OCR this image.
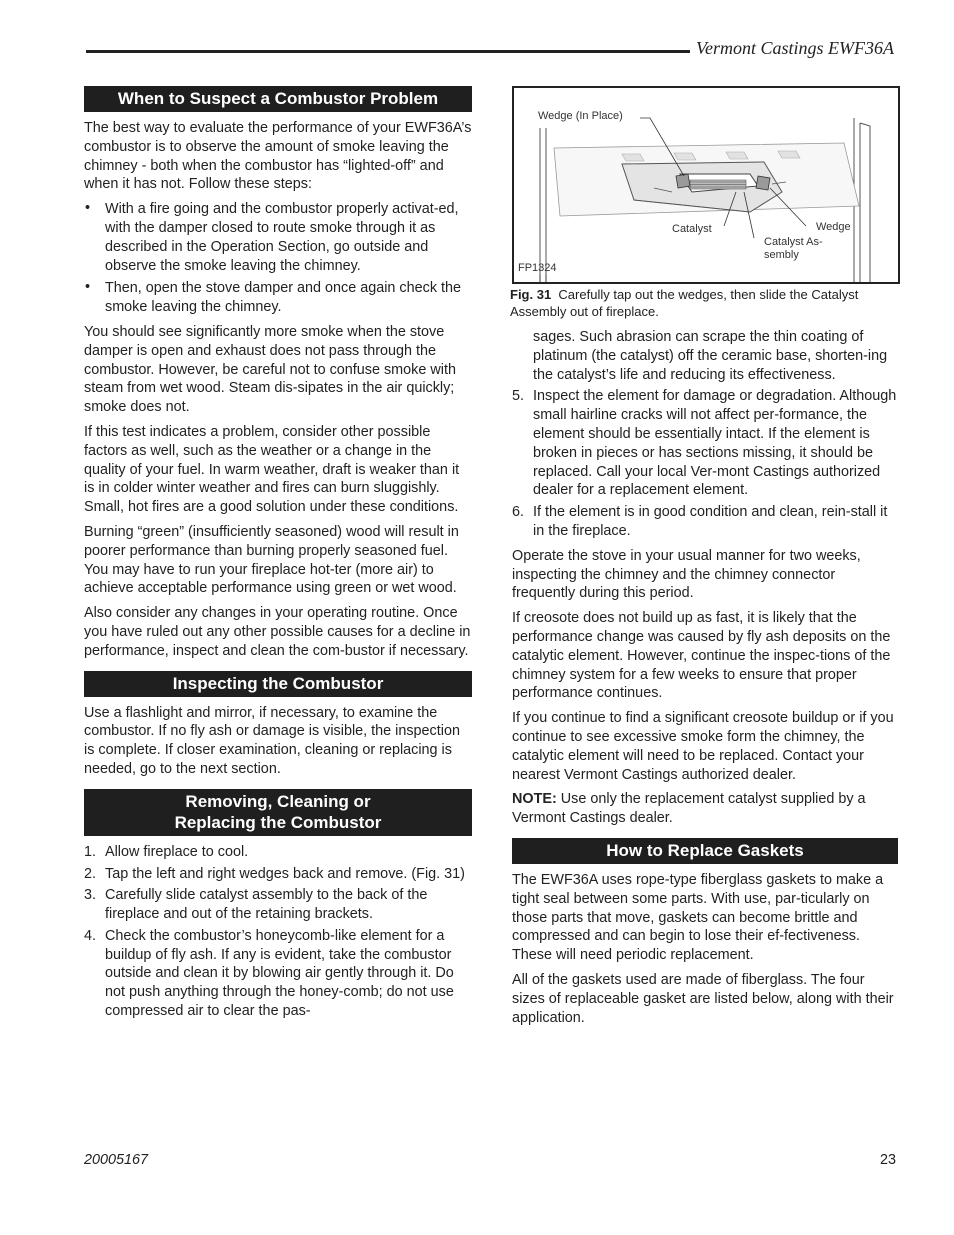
Vermont Castings EWF36A
When to Suspect a Combustor Problem

The best way to evaluate the performance of your EWF36A’s combustor is to observe the amount of smoke leaving the chimney - both when the combustor has “lighted-off” and when it has not. Follow these steps:

• With a fire going and the combustor properly activat-ed, with the damper closed to route smoke through it as described in the Operation Section, go outside and observe the smoke leaving the chimney.
• Then, open the stove damper and once again check the smoke leaving the chimney.

You should see significantly more smoke when the stove damper is open and exhaust does not pass through the combustor. However, be careful not to confuse smoke with steam from wet wood. Steam dis-sipates in the air quickly; smoke does not.

If this test indicates a problem, consider other possible factors as well, such as the weather or a change in the quality of your fuel. In warm weather, draft is weaker than it is in colder winter weather and fires can burn sluggishly. Small, hot fires are a good solution under these conditions.

Burning “green” (insufficiently seasoned) wood will result in poorer performance than burning properly seasoned fuel. You may have to run your fireplace hot-ter (more air) to achieve acceptable performance using green or wet wood.

Also consider any changes in your operating routine. Once you have ruled out any other possible causes for a decline in performance, inspect and clean the com-bustor if necessary.

Inspecting the Combustor

Use a flashlight and mirror, if necessary, to examine the combustor. If no fly ash or damage is visible, the inspection is complete. If closer examination, cleaning or replacing is needed, go to the next section.

Removing, Cleaning or
Replacing the Combustor
1. Allow fireplace to cool.
2. Tap the left and right wedges back and remove. (Fig. 31)
3. Carefully slide catalyst assembly to the back of the fireplace and out of the retaining brackets.
4. Check the combustor’s honeycomb-like element for a buildup of fly ash. If any is evident, take the combustor outside and clean it by blowing air gently through it. Do not push anything through the honey-comb; do not use compressed air to clear the pas-
Wedge (In Place)
Catalyst
Catalyst As-
sembly
Wedge
FP1324
Fig. 31 Carefully tap out the wedges, then slide the Catalyst Assembly out of fireplace.
sages. Such abrasion can scrape the thin coating of platinum (the catalyst) off the ceramic base, shorten-ing the catalyst’s life and reducing its effectiveness.
5. Inspect the element for damage or degradation. Although small hairline cracks will not affect per-formance, the element should be essentially intact. If the element is broken in pieces or has sections missing, it should be replaced. Call your local Ver-mont Castings authorized dealer for a replacement element.
6. If the element is in good condition and clean, rein-stall it in the fireplace.

Operate the stove in your usual manner for two weeks, inspecting the chimney and the chimney connector frequently during this period.

If creosote does not build up as fast, it is likely that the performance change was caused by fly ash deposits on the catalytic element. However, continue the inspec-tions of the chimney system for a few weeks to ensure that proper performance continues.

If you continue to find a significant creosote buildup or if you continue to see excessive smoke form the chimney, the catalytic element will need to be replaced. Contact your nearest Vermont Castings authorized dealer.

NOTE: Use only the replacement catalyst supplied by a Vermont Castings dealer.

How to Replace Gaskets

The EWF36A uses rope-type fiberglass gaskets to make a tight seal between some parts. With use, par-ticularly on those parts that move, gaskets can become brittle and compressed and can begin to lose their ef-fectiveness. These will need periodic replacement.

All of the gaskets used are made of fiberglass. The four sizes of replaceable gasket are listed below, along with their application.

20005167	23
